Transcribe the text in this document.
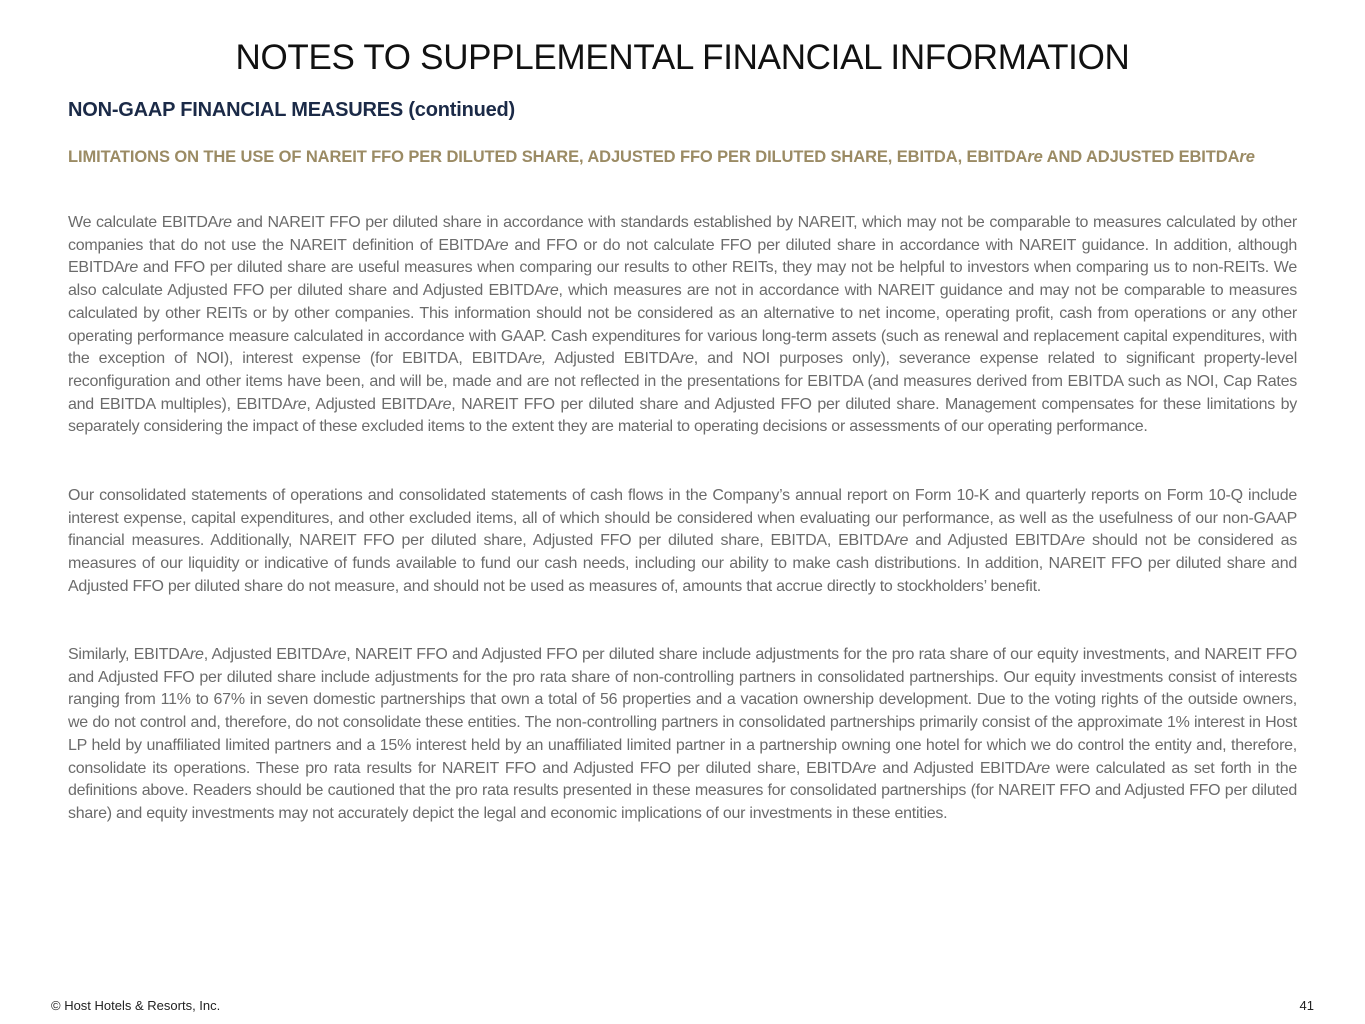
NOTES TO SUPPLEMENTAL FINANCIAL INFORMATION
NON-GAAP FINANCIAL MEASURES (continued)
LIMITATIONS ON THE USE OF NAREIT FFO PER DILUTED SHARE, ADJUSTED FFO PER DILUTED SHARE, EBITDA, EBITDAre AND ADJUSTED EBITDAre

We calculate EBITDAre and NAREIT FFO per diluted share in accordance with standards established by NAREIT, which may not be comparable to measures calculated by other companies that do not use the NAREIT definition of EBITDAre and FFO or do not calculate FFO per diluted share in accordance with NAREIT guidance. In addition, although EBITDAre and FFO per diluted share are useful measures when comparing our results to other REITs, they may not be helpful to investors when comparing us to non-REITs. We also calculate Adjusted FFO per diluted share and Adjusted EBITDAre, which measures are not in accordance with NAREIT guidance and may not be comparable to measures calculated by other REITs or by other companies. This information should not be considered as an alternative to net income, operating profit, cash from operations or any other operating performance measure calculated in accordance with GAAP. Cash expenditures for various long-term assets (such as renewal and replacement capital expenditures, with the exception of NOI), interest expense (for EBITDA, EBITDAre, Adjusted EBITDAre, and NOI purposes only), severance expense related to significant property-level reconfiguration and other items have been, and will be, made and are not reflected in the presentations for EBITDA (and measures derived from EBITDA such as NOI, Cap Rates and EBITDA multiples), EBITDAre, Adjusted EBITDAre, NAREIT FFO per diluted share and Adjusted FFO per diluted share. Management compensates for these limitations by separately considering the impact of these excluded items to the extent they are material to operating decisions or assessments of our operating performance.

Our consolidated statements of operations and consolidated statements of cash flows in the Company’s annual report on Form 10-K and quarterly reports on Form 10-Q include interest expense, capital expenditures, and other excluded items, all of which should be considered when evaluating our performance, as well as the usefulness of our non-GAAP financial measures. Additionally, NAREIT FFO per diluted share, Adjusted FFO per diluted share, EBITDA, EBITDAre and Adjusted EBITDAre should not be considered as measures of our liquidity or indicative of funds available to fund our cash needs, including our ability to make cash distributions. In addition, NAREIT FFO per diluted share and Adjusted FFO per diluted share do not measure, and should not be used as measures of, amounts that accrue directly to stockholders’ benefit.

Similarly, EBITDAre, Adjusted EBITDAre, NAREIT FFO and Adjusted FFO per diluted share include adjustments for the pro rata share of our equity investments, and NAREIT FFO and Adjusted FFO per diluted share include adjustments for the pro rata share of non-controlling partners in consolidated partnerships. Our equity investments consist of interests ranging from 11% to 67% in seven domestic partnerships that own a total of 56 properties and a vacation ownership development. Due to the voting rights of the outside owners, we do not control and, therefore, do not consolidate these entities. The non-controlling partners in consolidated partnerships primarily consist of the approximate 1% interest in Host LP held by unaffiliated limited partners and a 15% interest held by an unaffiliated limited partner in a partnership owning one hotel for which we do control the entity and, therefore, consolidate its operations. These pro rata results for NAREIT FFO and Adjusted FFO per diluted share, EBITDAre and Adjusted EBITDAre were calculated as set forth in the definitions above. Readers should be cautioned that the pro rata results presented in these measures for consolidated partnerships (for NAREIT FFO and Adjusted FFO per diluted share) and equity investments may not accurately depict the legal and economic implications of our investments in these entities.

© Host Hotels & Resorts, Inc.	41
